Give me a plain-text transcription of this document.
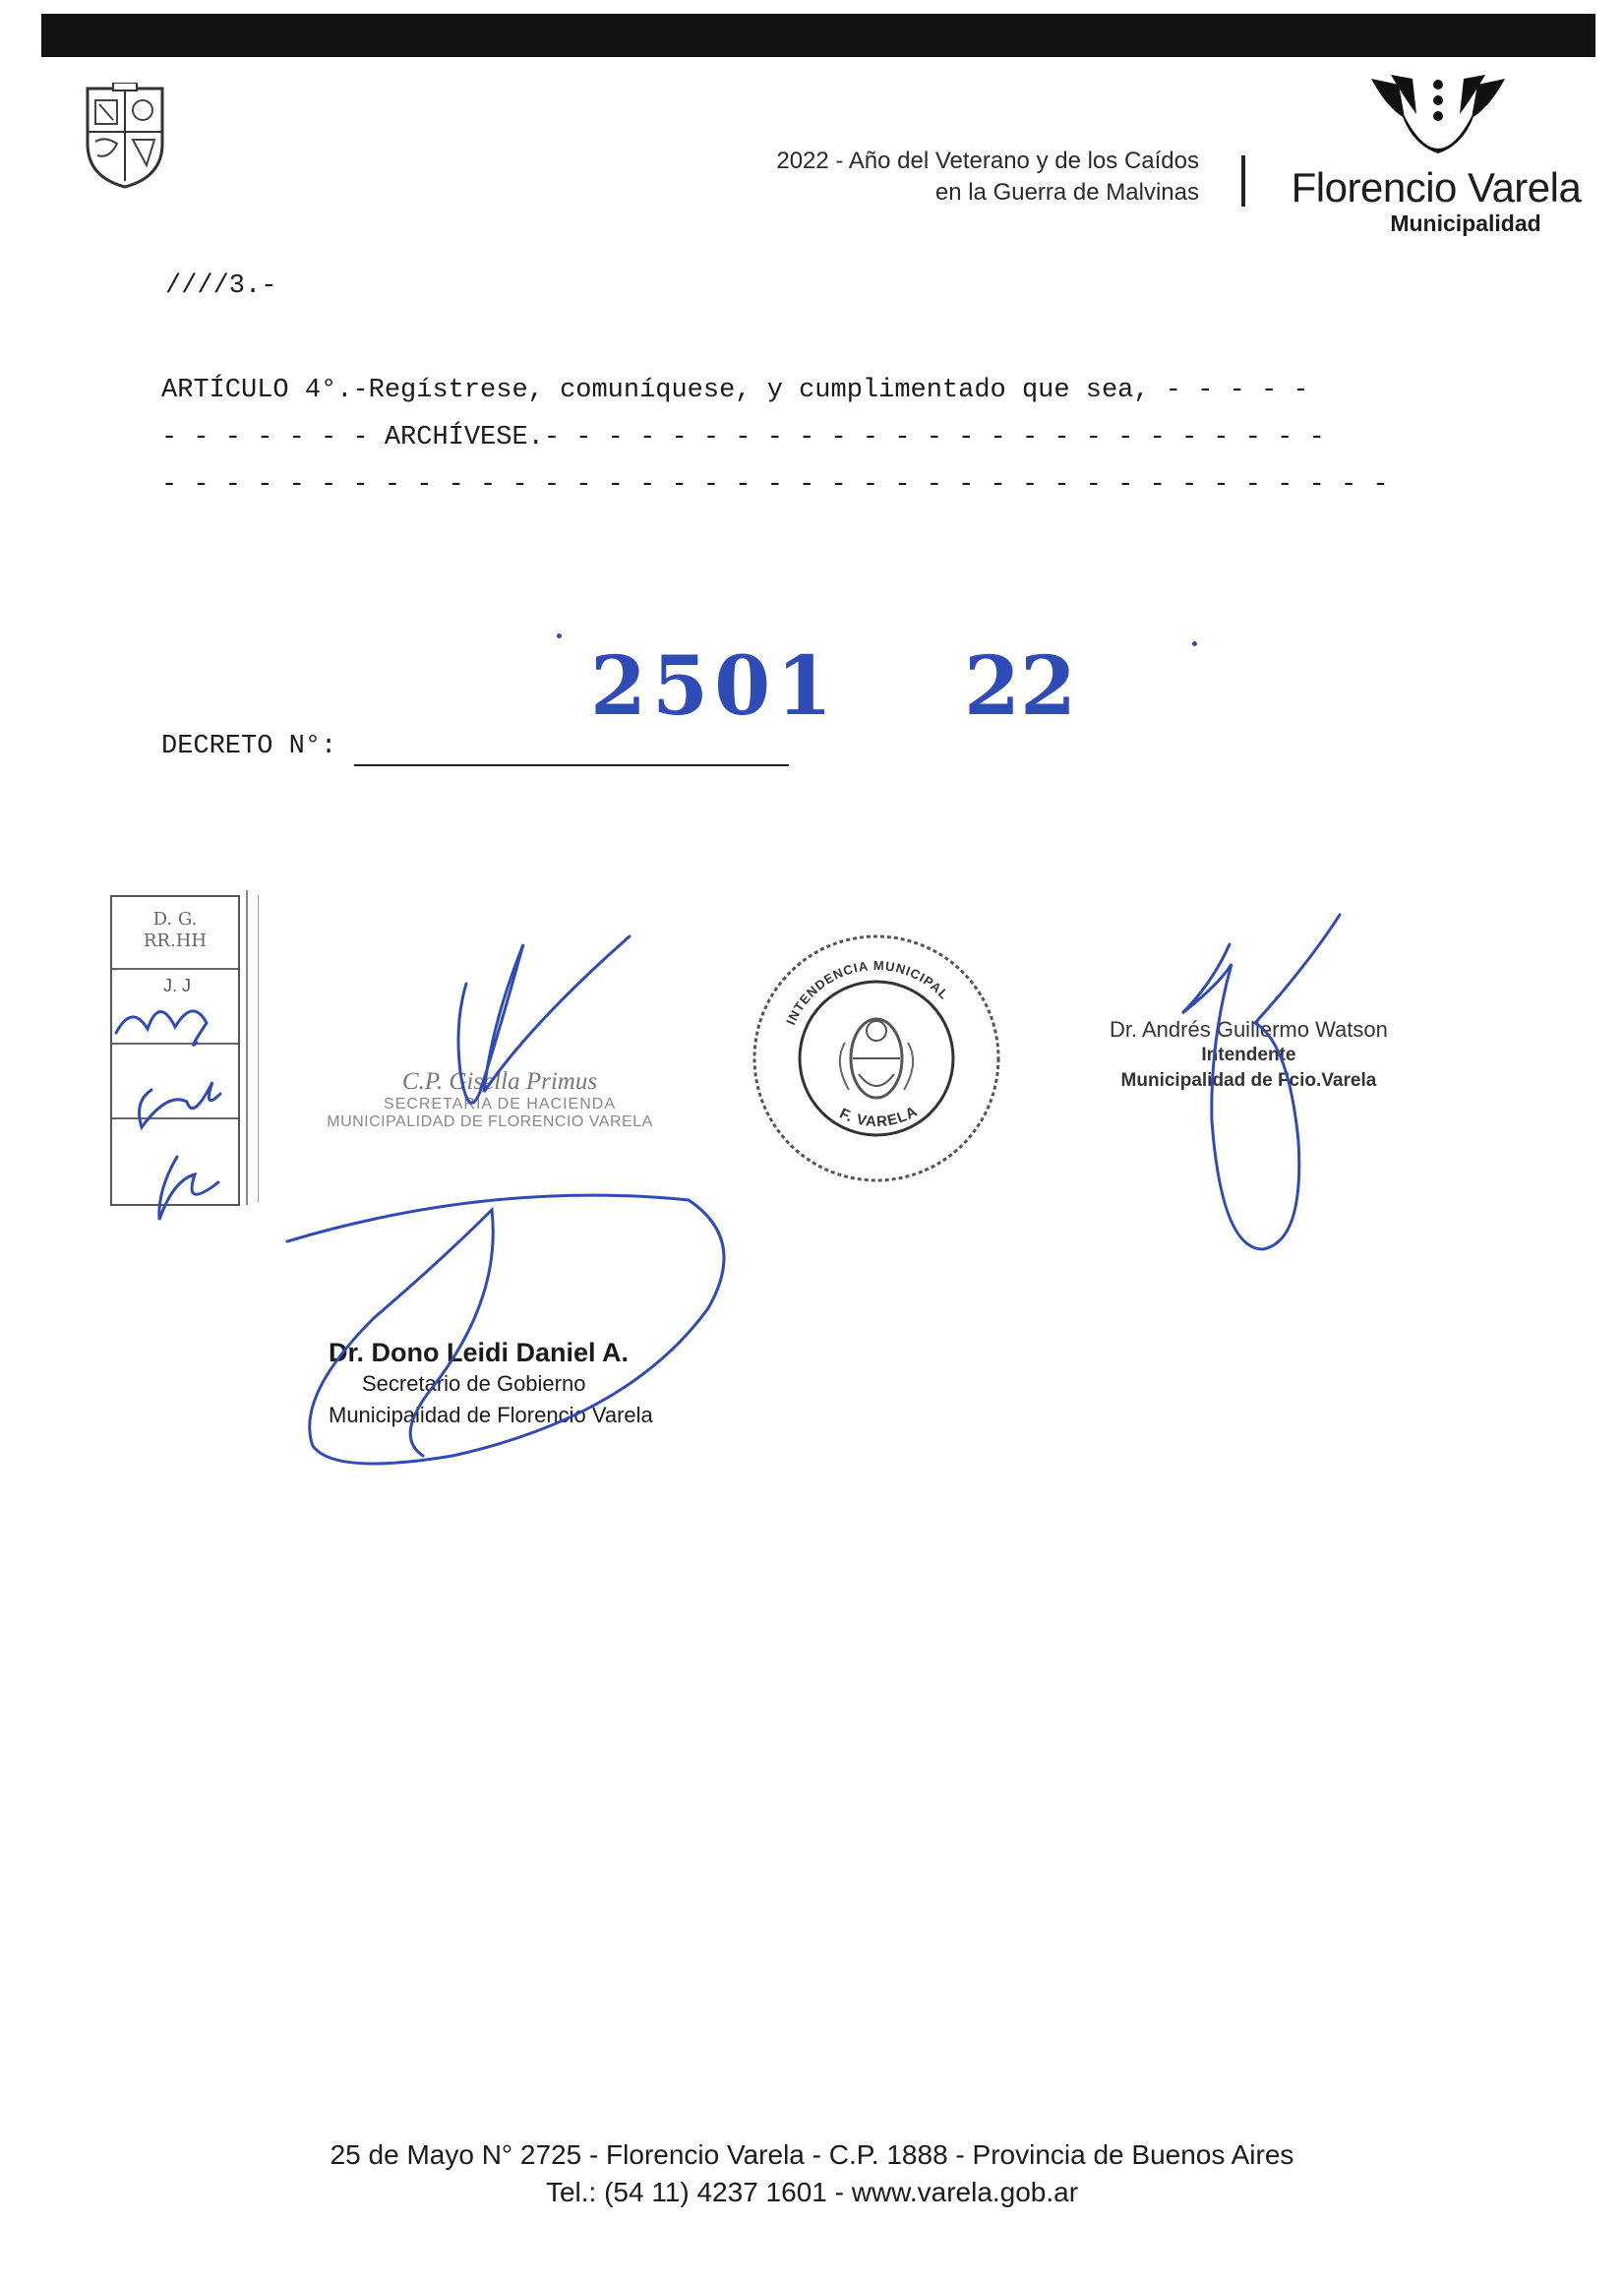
2022 - Año del Veterano y de los Caídos
en la Guerra de Malvinas Florencio Varela
Municipalidad
////3.-
ARTÍCULO 4°.-Regístrese, comuníquese, y cumplimentado que sea, - - - - -
- - - - - - - ARCHÍVESE.- - - - - - - - - - - - - - - - - - - - - - - - -
- - - - - - - - - - - - - - - - - - - - - - - - - - - - - - - - - - - - - - -
DECRETO N°:
2501 22
D. G.
RR.HH
J. J
C.P. Gisella Primus
SECRETARIA DE HACIENDA
MUNICIPALIDAD DE FLORENCIO VARELA
INTENDENCIA MUNICIPAL
F. VARELA
Dr. Andrés Guillermo Watson
Intendente
Municipalidad de Fcio.Varela
Dr. Dono Leidi Daniel A.
Secretario de Gobierno
Municipalidad de Florencio Varela
25 de Mayo N° 2725 - Florencio Varela - C.P. 1888 - Provincia de Buenos Aires
Tel.: (54 11) 4237 1601 - www.varela.gob.ar
